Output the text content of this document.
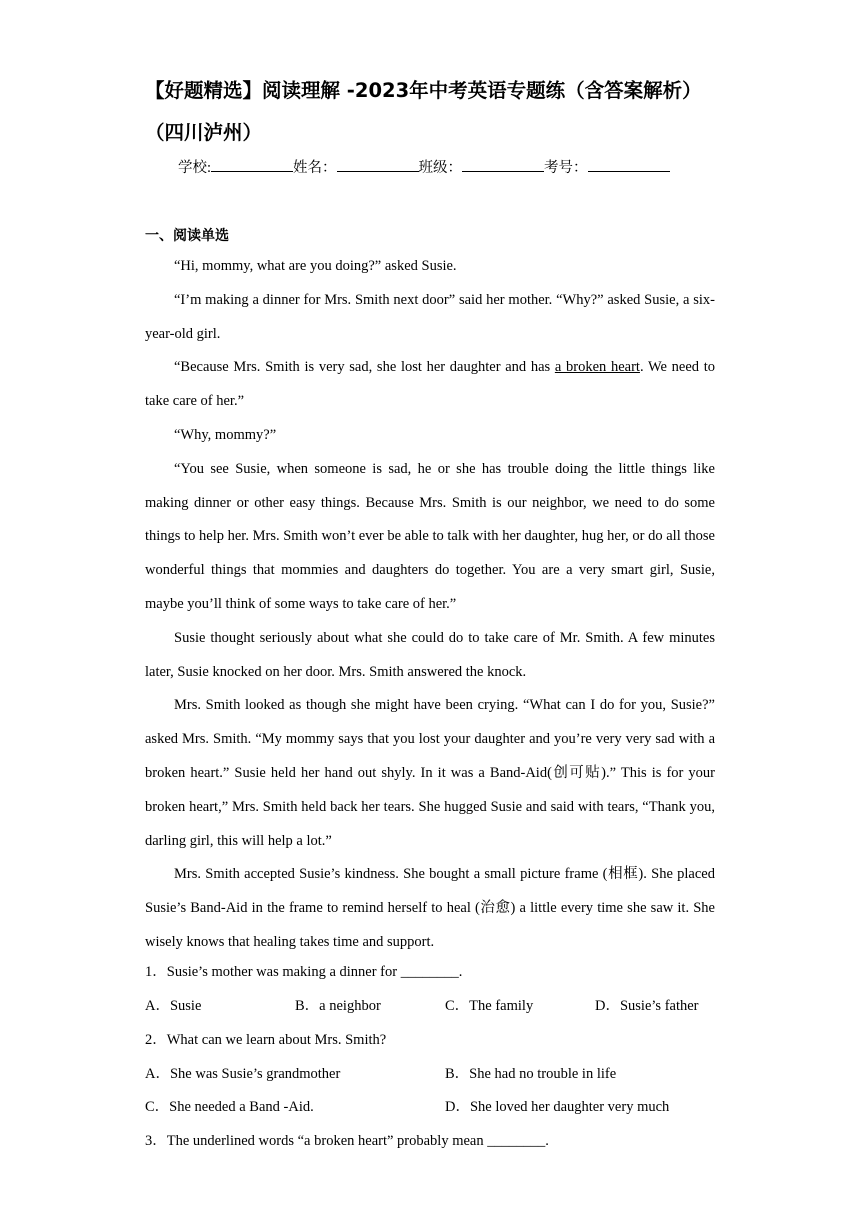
【好题精选】阅读理解 -2023年中考英语专题练（含答案解析）（四川泸州）
学校:	姓名：	班级：	考号：
一、阅读单选

“Hi, mommy, what are you doing?” asked Susie.

“I’m making a dinner for Mrs. Smith next door” said her mother. “Why?” asked Susie, a six-year-old girl.

“Because Mrs. Smith is very sad, she lost her daughter and has a broken heart. We need to take care of her.”

“Why, mommy?”

“You see Susie, when someone is sad, he or she has trouble doing the little things like making dinner or other easy things. Because Mrs. Smith is our neighbor, we need to do some things to help her. Mrs. Smith won’t ever be able to talk with her daughter, hug her, or do all those wonderful things that mommies and daughters do together. You are a very smart girl, Susie, maybe you’ll think of some ways to take care of her.”

Susie thought seriously about what she could do to take care of Mr. Smith. A few minutes later, Susie knocked on her door. Mrs. Smith answered the knock.

Mrs. Smith looked as though she might have been crying. “What can I do for you, Susie?” asked Mrs. Smith. “My mommy says that you lost your daughter and you’re very very sad with a broken heart.” Susie held her hand out shyly. In it was a Band-Aid(创可贴).” This is for your broken heart,” Mrs. Smith held back her tears. She hugged Susie and said with tears, “Thank you, darling girl, this will help a lot.”

Mrs. Smith accepted Susie’s kindness. She bought a small picture frame (相框). She placed Susie’s Band-Aid in the frame to remind herself to heal (治愈) a little every time she saw it. She wisely knows that healing takes time and support.

1．Susie’s mother was making a dinner for ________.
A．Susie	B．a neighbor	C．The family	D．Susie’s father
2．What can we learn about Mrs. Smith?
A．She was Susie’s grandmother	B．She had no trouble in life
C．She needed a Band -Aid.	D．She loved her daughter very much
3．The underlined words “a broken heart” probably mean ________.
